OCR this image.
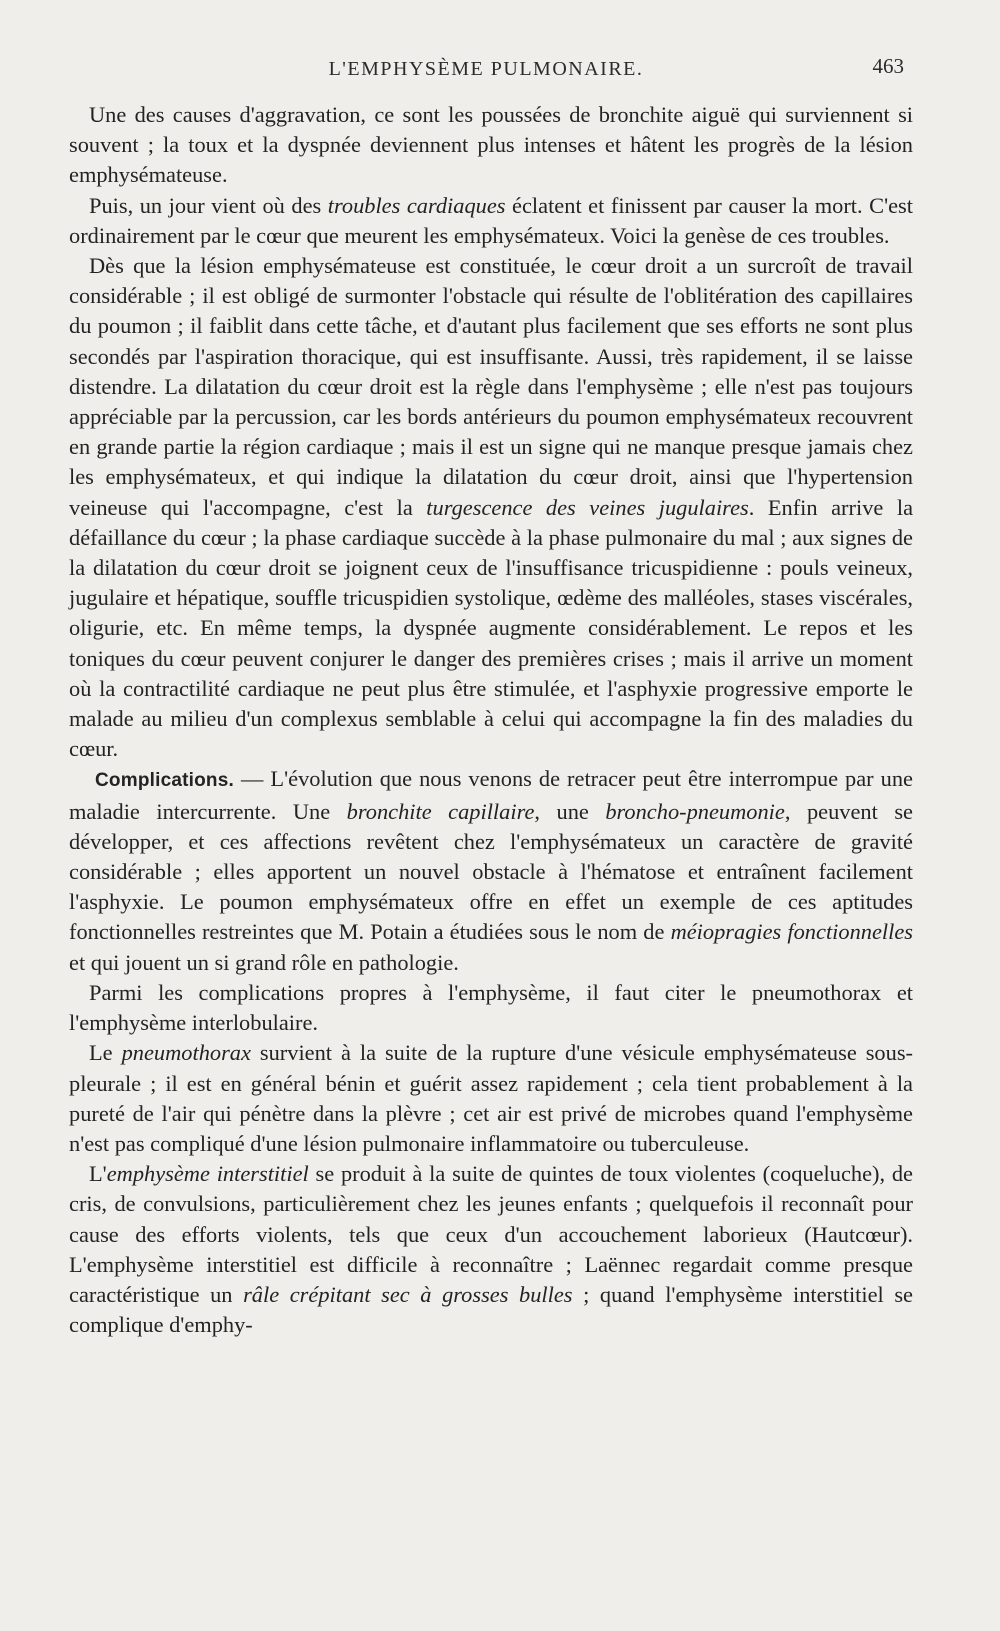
L'EMPHYSÈME PULMONAIRE.	463

Une des causes d'aggravation, ce sont les poussées de bronchite aiguë qui surviennent si souvent ; la toux et la dyspnée deviennent plus intenses et hâtent les progrès de la lésion emphysémateuse.

Puis, un jour vient où des troubles cardiaques éclatent et finissent par causer la mort. C'est ordinairement par le cœur que meurent les emphysémateux. Voici la genèse de ces troubles.

Dès que la lésion emphysémateuse est constituée, le cœur droit a un surcroît de travail considérable ; il est obligé de surmonter l'obstacle qui résulte de l'oblitération des capillaires du poumon ; il faiblit dans cette tâche, et d'autant plus facilement que ses efforts ne sont plus secondés par l'aspiration thoracique, qui est insuffisante. Aussi, très rapidement, il se laisse distendre. La dilatation du cœur droit est la règle dans l'emphysème ; elle n'est pas toujours appréciable par la percussion, car les bords antérieurs du poumon emphysémateux recouvrent en grande partie la région cardiaque ; mais il est un signe qui ne manque presque jamais chez les emphysémateux, et qui indique la dilatation du cœur droit, ainsi que l'hypertension veineuse qui l'accompagne, c'est la turgescence des veines jugulaires. Enfin arrive la défaillance du cœur ; la phase cardiaque succède à la phase pulmonaire du mal ; aux signes de la dilatation du cœur droit se joignent ceux de l'insuffisance tricuspidienne : pouls veineux, jugulaire et hépatique, souffle tricuspidien systolique, œdème des malléoles, stases viscérales, oligurie, etc. En même temps, la dyspnée augmente considérablement. Le repos et les toniques du cœur peuvent conjurer le danger des premières crises ; mais il arrive un moment où la contractilité cardiaque ne peut plus être stimulée, et l'asphyxie progressive emporte le malade au milieu d'un complexus semblable à celui qui accompagne la fin des maladies du cœur.

Complications. — L'évolution que nous venons de retracer peut être interrompue par une maladie intercurrente. Une bronchite capillaire, une broncho-pneumonie, peuvent se développer, et ces affections revêtent chez l'emphysémateux un caractère de gravité considérable ; elles apportent un nouvel obstacle à l'hématose et entraînent facilement l'asphyxie. Le poumon emphysémateux offre en effet un exemple de ces aptitudes fonctionnelles restreintes que M. Potain a étudiées sous le nom de méiopragies fonctionnelles et qui jouent un si grand rôle en pathologie.

Parmi les complications propres à l'emphysème, il faut citer le pneumothorax et l'emphysème interlobulaire.

Le pneumothorax survient à la suite de la rupture d'une vésicule emphysémateuse sous-pleurale ; il est en général bénin et guérit assez rapidement ; cela tient probablement à la pureté de l'air qui pénètre dans la plèvre ; cet air est privé de microbes quand l'emphysème n'est pas compliqué d'une lésion pulmonaire inflammatoire ou tuberculeuse.

L'emphysème interstitiel se produit à la suite de quintes de toux violentes (coqueluche), de cris, de convulsions, particulièrement chez les jeunes enfants ; quelquefois il reconnaît pour cause des efforts violents, tels que ceux d'un accouchement laborieux (Hautcœur). L'emphysème interstitiel est difficile à reconnaître ; Laënnec regardait comme presque caractéristique un râle crépitant sec à grosses bulles ; quand l'emphysème interstitiel se complique d'emphy-
